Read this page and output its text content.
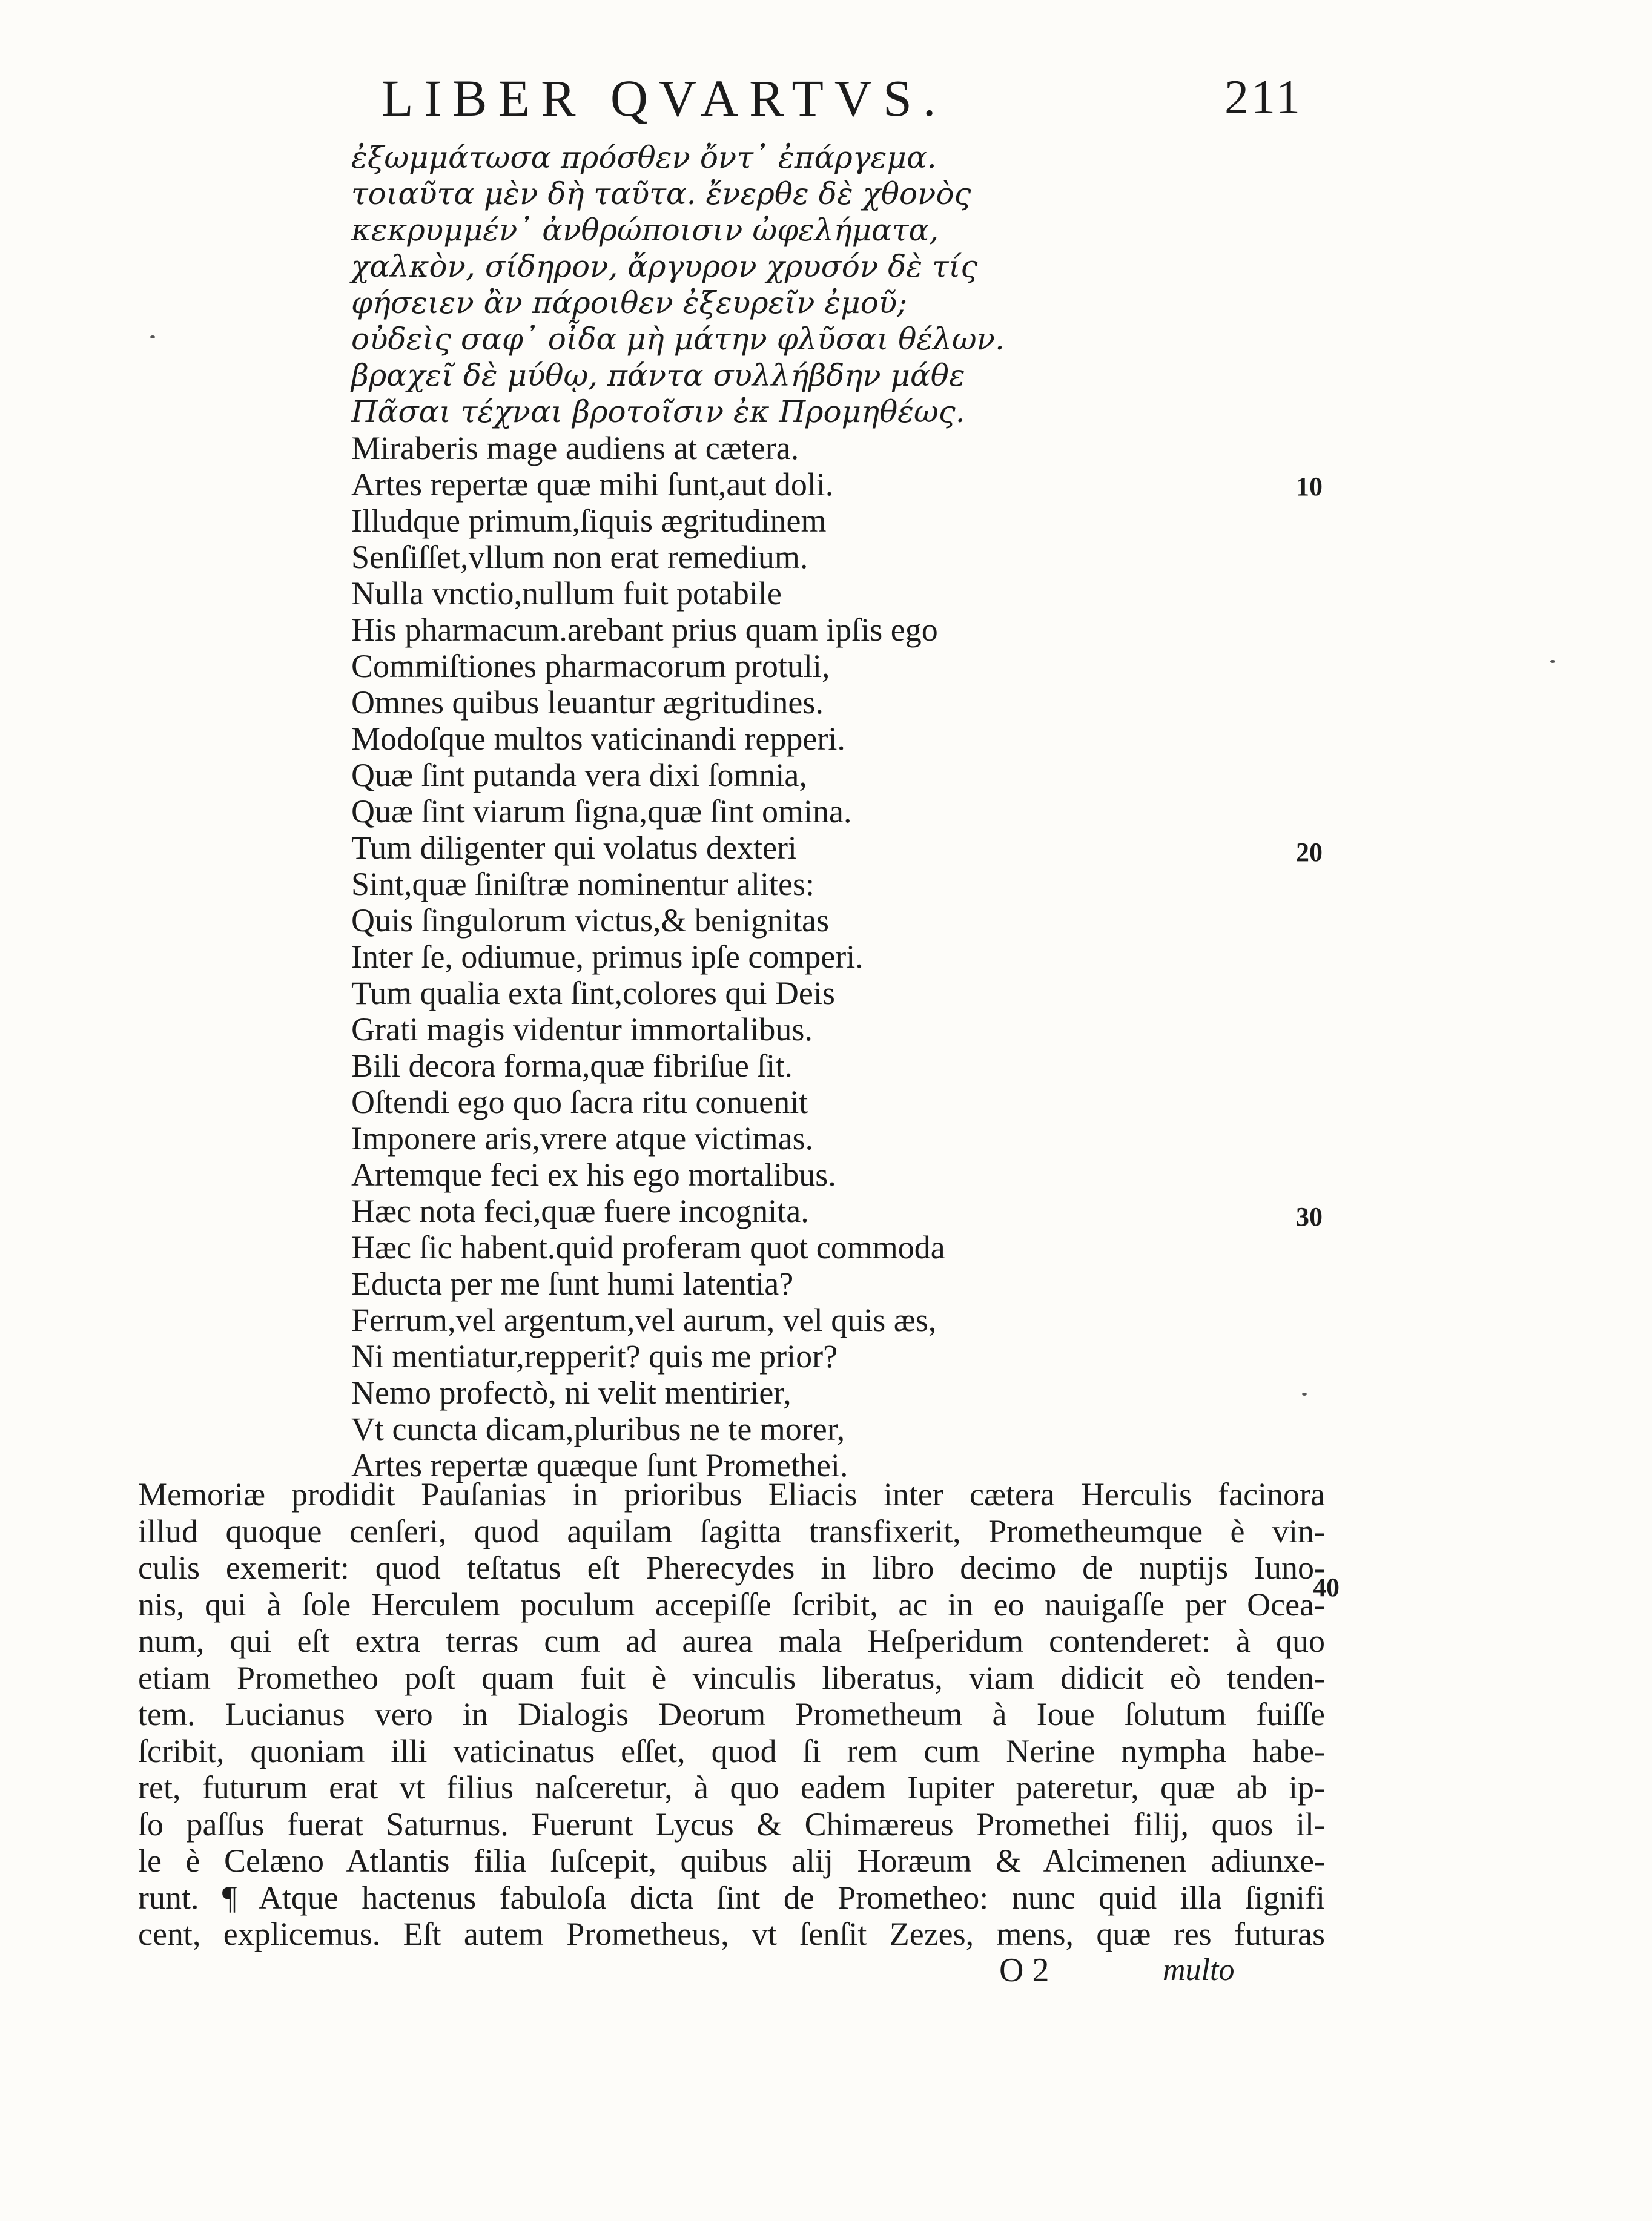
LIBER QVARTVS.	211
ἐξωμμάτωσα πρόσθεν ὄντ᾽ ἐπάργεμα.
τοιαῦτα μὲν δὴ ταῦτα. ἔνερθε δὲ χθονὸς
κεκρυμμέν᾽ ἀνθρώποισιν ὠφελήματα,
χαλκὸν, σίδηρον, ἄργυρον χρυσόν δὲ τίς
φήσειεν ἂν πάροιθεν ἐξευρεῖν ἐμοῦ;
οὐδεὶς σαφ᾽ οἶδα μὴ μάτην φλῦσαι θέλων.
βραχεῖ δὲ μύθῳ, πάντα συλλήβδην μάθε
Πᾶσαι τέχναι βροτοῖσιν ἐκ Προμηθέως.
Miraberis mage audiens at cætera.
Artes repertæ quæ mihi ſunt,aut doli.
Illudque primum,ſiquis ægritudinem
Senſiſſet,vllum non erat remedium.
Nulla vnctio,nullum fuit potabile
His pharmacum.arebant prius quam ipſis ego
Commiſtiones pharmacorum protuli,
Omnes quibus leuantur ægritudines.
Modoſque multos vaticinandi repperi.
Quæ ſint putanda vera dixi ſomnia,
Quæ ſint viarum ſigna,quæ ſint omina.
Tum diligenter qui volatus dexteri
Sint,quæ ſiniſtræ nominentur alites:
Quis ſingulorum victus,& benignitas
Inter ſe, odiumue, primus ipſe comperi.
Tum qualia exta ſint,colores qui Deis
Grati magis videntur immortalibus.
Bili decora forma,quæ fibriſue ſit.
Oſtendi ego quo ſacra ritu conuenit
Imponere aris,vrere atque victimas.
Artemque feci ex his ego mortalibus.
Hæc nota feci,quæ fuere incognita.
Hæc ſic habent.quid proferam quot commoda
Educta per me ſunt humi latentia?
Ferrum,vel argentum,vel aurum, vel quis æs,
Ni mentiatur,repperit? quis me prior?
Nemo profectò, ni velit mentirier,
Vt cuncta dicam,pluribus ne te morer,
Artes repertæ quæque ſunt Promethei.
10
20
30
40
Memoriæ prodidit Pauſanias in prioribus Eliacis inter cætera Herculis facinora
illud quoque cenſeri, quod aquilam ſagitta transfixerit, Prometheumque è vin-
culis exemerit: quod teſtatus eſt Pherecydes in libro decimo de nuptijs Iuno-
nis, qui à ſole Herculem poculum accepiſſe ſcribit, ac in eo nauigaſſe per Ocea-
num, qui eſt extra terras cum ad aurea mala Heſperidum contenderet: à quo
etiam Prometheo poſt quam fuit è vinculis liberatus, viam didicit eò tenden-
tem. Lucianus vero in Dialogis Deorum Prometheum à Ioue ſolutum fuiſſe
ſcribit, quoniam illi vaticinatus eſſet, quod ſi rem cum Nerine nympha habe-
ret, futurum erat vt filius naſceretur, à quo eadem Iupiter pateretur, quæ ab ip-
ſo paſſus fuerat Saturnus. Fuerunt Lycus & Chimæreus Promethei filij, quos il-
le è Celæno Atlantis filia ſuſcepit, quibus alij Horæum & Alcimenen adiunxe-
runt. ¶ Atque hactenus fabuloſa dicta ſint de Prometheo: nunc quid illa ſignifi
cent, explicemus. Eſt autem Prometheus, vt ſenſit Zezes, mens, quæ res futuras
O 2	multo
